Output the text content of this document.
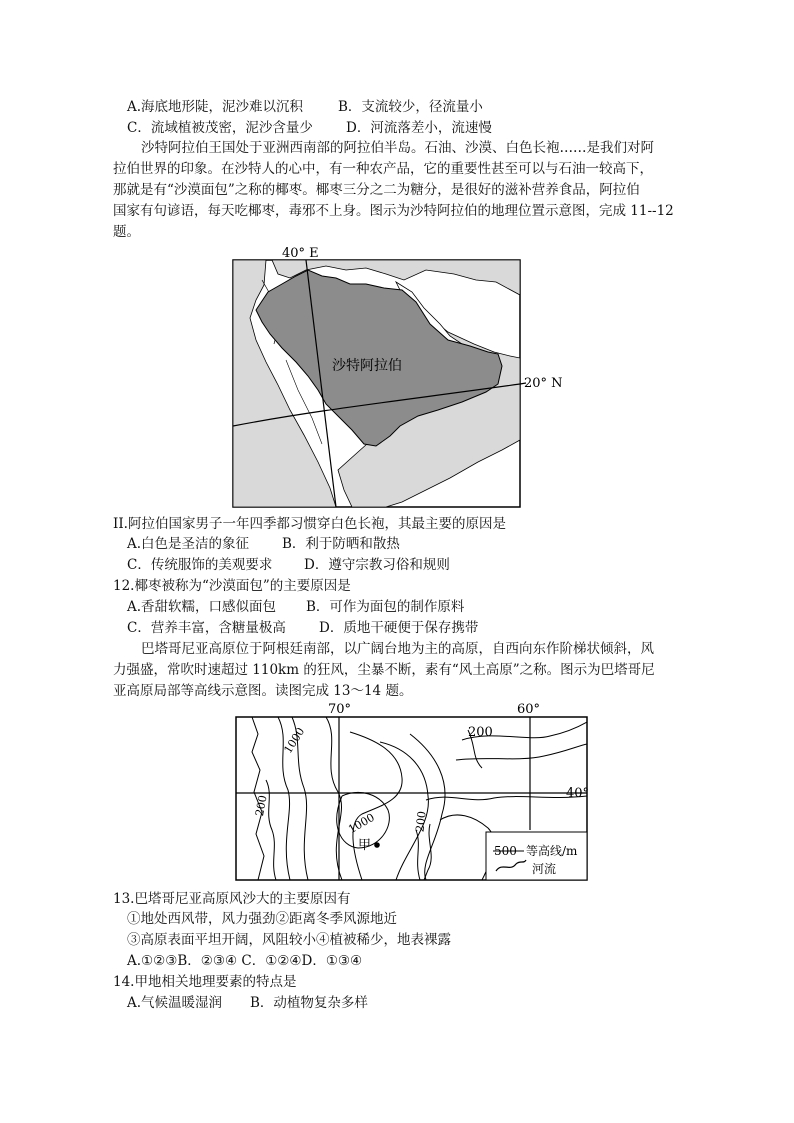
A.海底地形陡，泥沙难以沉积	B．支流较少，径流量小
C．流域植被茂密，泥沙含量少 D．河流落差小，流速慢
沙特阿拉伯王国处于亚洲西南部的阿拉伯半岛。石油、沙漠、白色长袍……是我们对阿
拉伯世界的印象。在沙特人的心中，有一种农产品，它的重要性甚至可以与石油一较高下，
那就是有“沙漠面包”之称的椰枣。椰枣三分之二为糖分，是很好的滋补营养食品，阿拉伯
国家有句谚语，每天吃椰枣，毒邪不上身。图示为沙特阿拉伯的地理位置示意图，完成 11--12
题。
40° E
20° N
沙特阿拉伯
II.阿拉伯国家男子一年四季都习惯穿白色长袍，其最主要的原因是
A.白色是圣洁的象征 B．利于防晒和散热
C．传统服饰的美观要求 D．遵守宗教习俗和规则
12.椰枣被称为“沙漠面包”的主要原因是
A.香甜软糯，口感似面包 B．可作为面包的制作原料
C．营养丰富，含糖量极高 D．质地干硬便于保存携带
巴塔哥尼亚高原位于阿根廷南部，以广阔台地为主的高原，自西向东作阶梯状倾斜，风
力强盛，常吹时速超过 110km 的狂风，尘暴不断，素有“风土高原”之称。图示为巴塔哥尼
亚高原局部等高线示意图。读图完成 13～14 题。
70°	60°
40°
200
1000
200
1000	200
甲	500 等高线/m
河流
13.巴塔哥尼亚高原风沙大的主要原因有
①地处西风带，风力强劲②距离冬季风源地近
③高原表面平坦开阔，风阻较小④植被稀少，地表裸露
A.①②③B．②③④ C．①②④D．①③④
14.甲地相关地理要素的特点是
A.气候温暖湿润 B．动植物复杂多样
